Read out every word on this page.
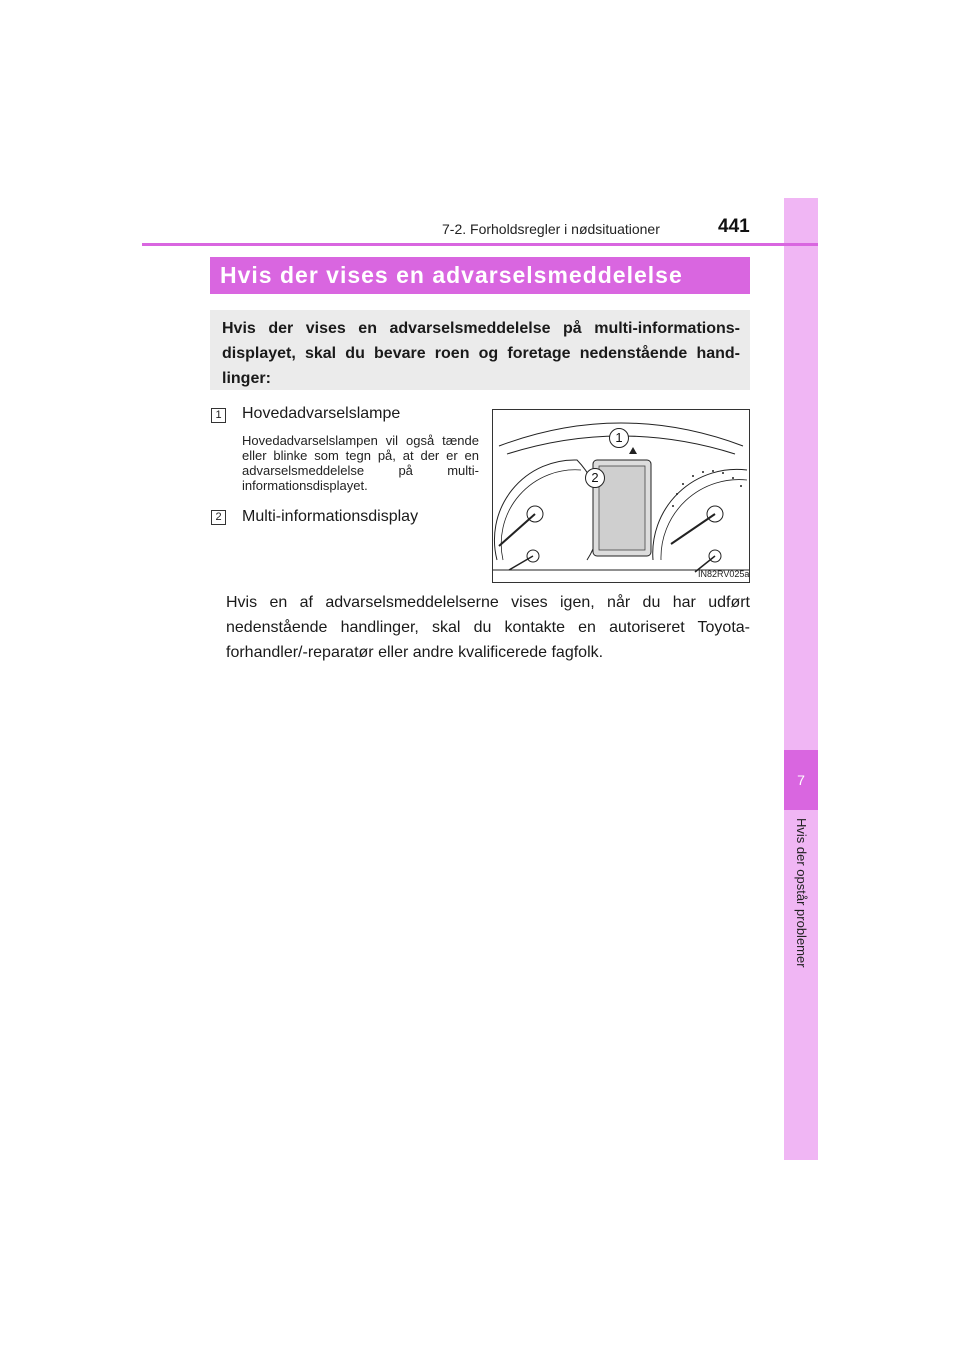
7
Hvis der opstår problemer
7-2. Forholdsregler i nødsituationer	441
Hvis der vises en advarselsmeddelelse
Hvis der vises en advarselsmeddelelse på multi-informations-displayet, skal du bevare roen og foretage nedenstående hand-linger:
1 Hovedadvarselslampe
Hovedadvarselslampen vil også tænde eller blinke som tegn på, at der er en advarselsmeddelelse på multi-informationsdisplayet.
2 Multi-informationsdisplay
1
2
IN82RV025a
Hvis en af advarselsmeddelelserne vises igen, når du har udført nedenstående handlinger, skal du kontakte en autoriseret Toyota-forhandler/-reparatør eller andre kvalificerede fagfolk.
